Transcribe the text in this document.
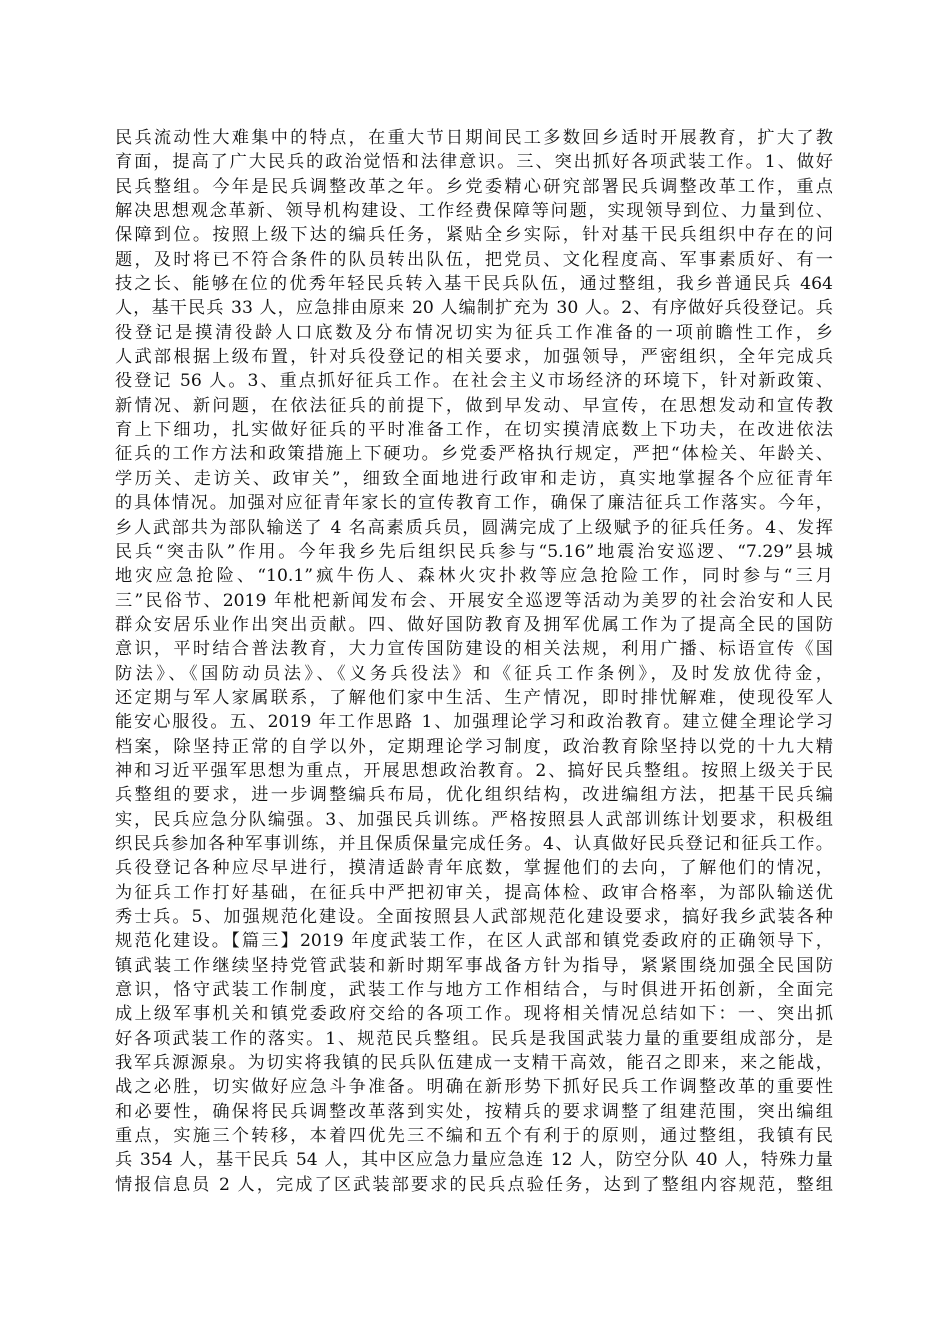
民兵流动性大难集中的特点，在重大节日期间民工多数回乡适时开展教育，扩大了教
育面，提高了广大民兵的政治觉悟和法律意识。三、突出抓好各项武装工作。1、做好
民兵整组。今年是民兵调整改革之年。乡党委精心研究部署民兵调整改革工作，重点
解决思想观念革新、领导机构建设、工作经费保障等问题，实现领导到位、力量到位、
保障到位。按照上级下达的编兵任务，紧贴全乡实际，针对基干民兵组织中存在的问
题，及时将已不符合条件的队员转出队伍，把党员、文化程度高、军事素质好、有一
技之长、能够在位的优秀年轻民兵转入基干民兵队伍，通过整组，我乡普通民兵 464
人，基干民兵 33 人，应急排由原来 20 人编制扩充为 30 人。2、有序做好兵役登记。兵
役登记是摸清役龄人口底数及分布情况切实为征兵工作准备的一项前瞻性工作，乡
人武部根据上级布置，针对兵役登记的相关要求，加强领导，严密组织，全年完成兵
役登记 56 人。3、重点抓好征兵工作。在社会主义市场经济的环境下，针对新政策、
新情况、新问题，在依法征兵的前提下，做到早发动、早宣传，在思想发动和宣传教
育上下细功，扎实做好征兵的平时准备工作，在切实摸清底数上下功夫，在改进依法
征兵的工作方法和政策措施上下硬功。乡党委严格执行规定，严把“体检关、年龄关、
学历关、走访关、政审关”，细致全面地进行政审和走访，真实地掌握各个应征青年
的具体情况。加强对应征青年家长的宣传教育工作，确保了廉洁征兵工作落实。今年，
乡人武部共为部队输送了 4 名高素质兵员，圆满完成了上级赋予的征兵任务。4、发挥
民兵“突击队”作用。今年我乡先后组织民兵参与“5.16”地震治安巡逻、“7.29”县城
地灾应急抢险、“10.1”疯牛伤人、森林火灾扑救等应急抢险工作，同时参与“三月
三”民俗节、2019 年枇杷新闻发布会、开展安全巡逻等活动为美罗的社会治安和人民
群众安居乐业作出突出贡献。四、做好国防教育及拥军优属工作为了提高全民的国防
意识，平时结合普法教育，大力宣传国防建设的相关法规，利用广播、标语宣传《国
防法》、《国防动员法》、《义务兵役法》和《征兵工作条例》，及时发放优待金，
还定期与军人家属联系，了解他们家中生活、生产情况，即时排忧解难，使现役军人
能安心服役。五、2019 年工作思路 1、加强理论学习和政治教育。建立健全理论学习
档案，除坚持正常的自学以外，定期理论学习制度，政治教育除坚持以党的十九大精
神和习近平强军思想为重点，开展思想政治教育。2、搞好民兵整组。按照上级关于民
兵整组的要求，进一步调整编兵布局，优化组织结构，改进编组方法，把基干民兵编
实，民兵应急分队编强。3、加强民兵训练。严格按照县人武部训练计划要求，积极组
织民兵参加各种军事训练，并且保质保量完成任务。4、认真做好民兵登记和征兵工作。
兵役登记各种应尽早进行，摸清适龄青年底数，掌握他们的去向，了解他们的情况，
为征兵工作打好基础，在征兵中严把初审关，提高体检、政审合格率，为部队输送优
秀士兵。5、加强规范化建设。全面按照县人武部规范化建设要求，搞好我乡武装各种
规范化建设。【篇三】2019 年度武装工作，在区人武部和镇党委政府的正确领导下，
镇武装工作继续坚持党管武装和新时期军事战备方针为指导，紧紧围绕加强全民国防
意识，恪守武装工作制度，武装工作与地方工作相结合，与时俱进开拓创新，全面完
成上级军事机关和镇党委政府交给的各项工作。现将相关情况总结如下：一、突出抓
好各项武装工作的落实。1、规范民兵整组。民兵是我国武装力量的重要组成部分，是
我军兵源源泉。为切实将我镇的民兵队伍建成一支精干高效，能召之即来，来之能战，
战之必胜，切实做好应急斗争准备。明确在新形势下抓好民兵工作调整改革的重要性
和必要性，确保将民兵调整改革落到实处，按精兵的要求调整了组建范围，突出编组
重点，实施三个转移，本着四优先三不编和五个有利于的原则，通过整组，我镇有民
兵 354 人，基干民兵 54 人，其中区应急力量应急连 12 人，防空分队 40 人，特殊力量
情报信息员 2 人，完成了区武装部要求的民兵点验任务，达到了整组内容规范，整组
